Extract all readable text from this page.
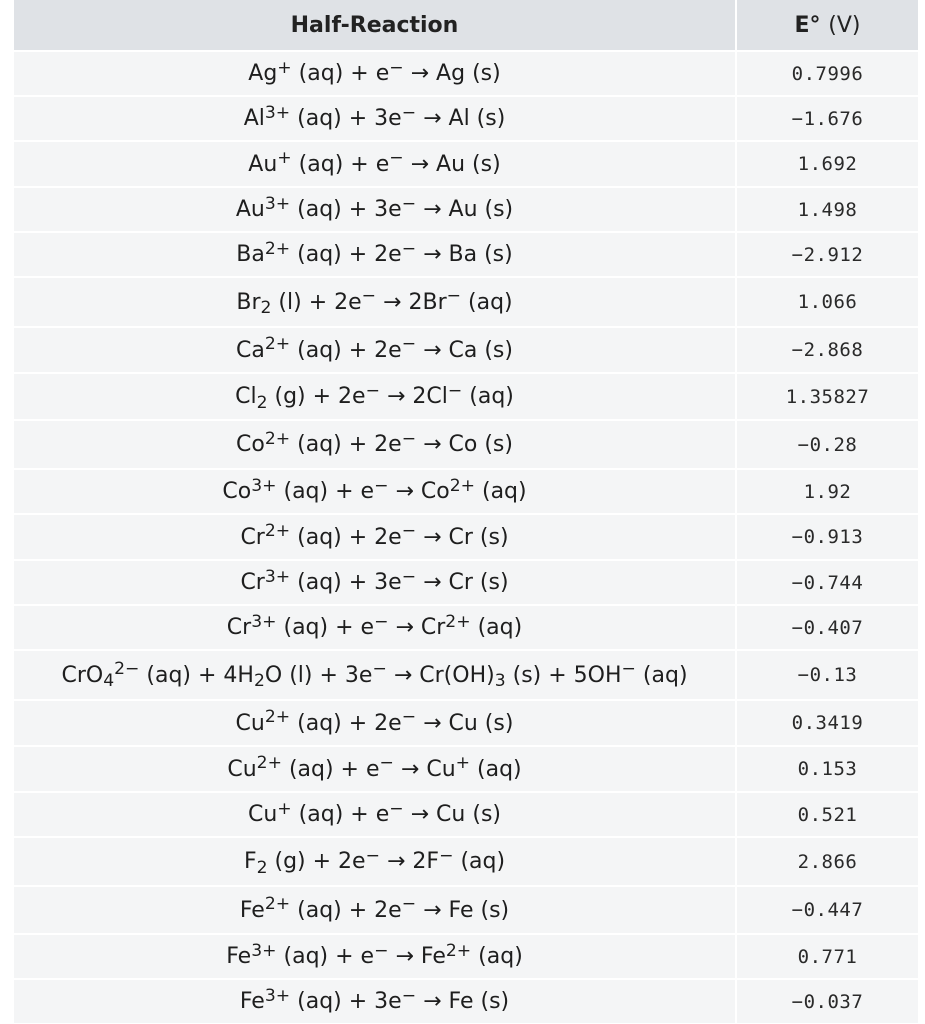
Half-Reaction	E° (V)
Ag+ (aq) + e− → Ag (s)	0.7996
$Al^{3+}$ (aq) + 3e− → Al (s)	−1.676
Au+ (aq) + e− → Au (s)	1.692
$Au^{3+}$ (aq) + 3e− → Au (s)	1.498
$Ba^{2+}$ (aq) + 2e− → Ba (s)	−2.912
$Br_2$ (l) + 2e− → 2Br− (aq)	1.066
$Ca^{2+}$ (aq) + 2e− → Ca (s)	−2.868
$Cl_2$ (g) + 2e− → 2Cl− (aq)	1.35827
$Co^{2+}$ (aq) + 2e− → Co (s)	−0.28
$Co^{3+}$ $(aq) + e^- \to Co^{2+}$ (aq)	1.92
$Cr^{2+}$ (aq) + 2e− → Cr (s)	−0.913
$Cr^{3+}$ (aq) + 3e− → Cr (s)	−0.744
$Cr^{3+}$ $(aq) + e^- \to Cr^{2+}$ (aq)	−0.407
CrO$_4^{2-}$ $(aq) + 4H_2O$ $(l) + 3e^- \to Cr(OH)_3$ (s) + 5OH− (aq)	−0.13
$Cu^{2+}$ (aq) + 2e− → Cu (s)	0.3419
$Cu^{2+}$ (aq) + e− → Cu+ (aq)	0.153
Cu+ (aq) + e− → Cu (s)	0.521
$F_2$ (g) + 2e− → 2F− (aq)	2.866
$Fe^{2+}$ (aq) + 2e− → Fe (s)	−0.447
$Fe^{3+}$ $(aq) + e^- \to Fe^{2+}$ (aq)	0.771
$Fe^{3+}$ (aq) + 3e− → Fe (s)	−0.037
